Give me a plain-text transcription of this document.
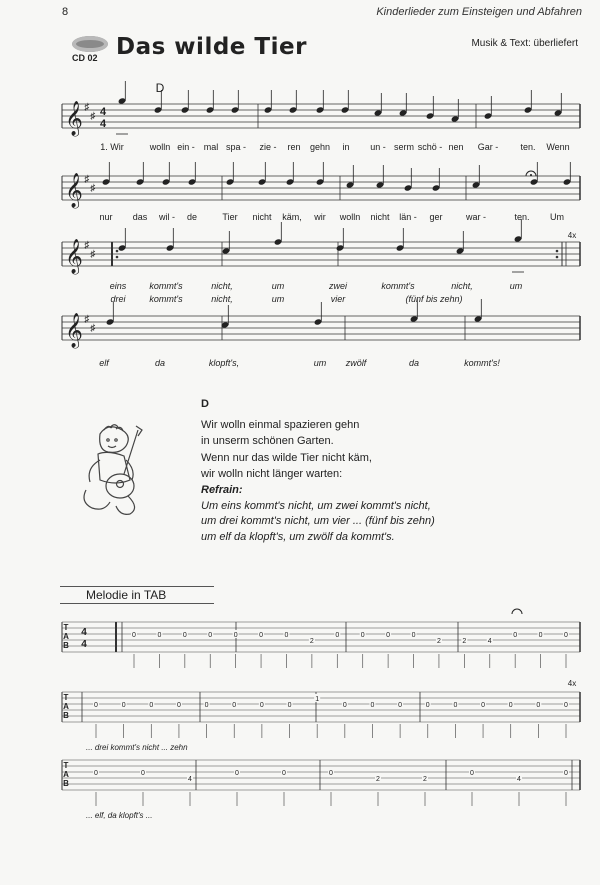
8	Kinderlieder zum Einsteigen und Abfahren
CD 02 Das wilde Tier	Musik & Text: überliefert
𝄞 ♯
♯ 4
4
𝄞 ♯
♯
𝄞 ♯
♯
4x
𝄞 ♯
♯
D
1. Wir	wolln ein - mal spa - zie - ren gehn in un - serm schö - nen Gar - ten. Wenn
nur das wil - de	Tier nicht käm, wir wolln nicht län - ger	war -	ten. Um
eins	kommt's	nicht,	um	zwei	kommt's	nicht,	um
drei	kommt's	nicht,	um	vier	(fünf bis zehn)
elf	da	klopft's,	um zwölf	da	kommt's!
T
A
B
4
4
0	0	0	0	0	0	0
2
0	0	0	0
2	2	4
0	0	0
T
A
B
4x
0	0	0	0	0	0	0	0
1
0	0	0	0	0	0	0	0	0
... drei kommt's nicht ... zehn
T
A
B
0	0
4
0	0	0
2	2
0
4
0
... elf, da klopft's ...
D
Wir wolln einmal spazieren gehn
in unserm schönen Garten.
Wenn nur das wilde Tier nicht käm,
wir wolln nicht länger warten:
Refrain:
Um eins kommt's nicht, um zwei kommt's nicht,
um drei kommt's nicht, um vier ... (fünf bis zehn)
um elf da klopft's, um zwölf da kommt's.
Melodie in TAB
